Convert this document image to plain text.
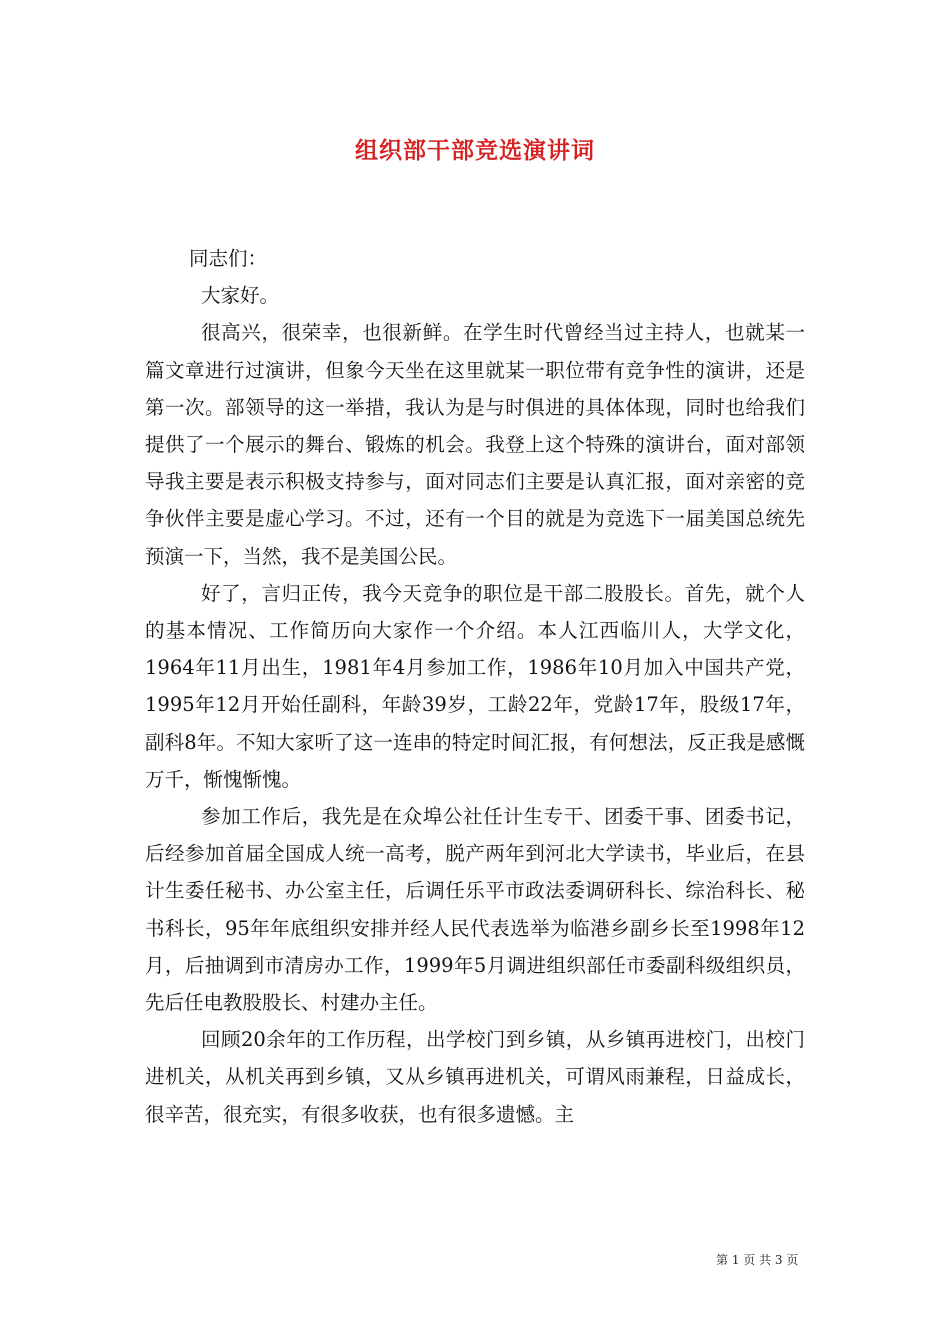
组织部干部竞选演讲词

同志们：

大家好。

很高兴，很荣幸，也很新鲜。在学生时代曾经当过主持人，也就某一篇文章进行过演讲，但象今天坐在这里就某一职位带有竞争性的演讲，还是第一次。部领导的这一举措，我认为是与时俱进的具体体现，同时也给我们提供了一个展示的舞台、锻炼的机会。我登上这个特殊的演讲台，面对部领导我主要是表示积极支持参与，面对同志们主要是认真汇报，面对亲密的竞争伙伴主要是虚心学习。不过，还有一个目的就是为竞选下一届美国总统先预演一下，当然，我不是美国公民。

好了，言归正传，我今天竞争的职位是干部二股股长。首先，就个人的基本情况、工作简历向大家作一个介绍。本人江西临川人，大学文化，1964年11月出生，1981年4月参加工作，1986年10月加入中国共产党，1995年12月开始任副科，年龄39岁，工龄22年，党龄17年，股级17年，副科8年。不知大家听了这一连串的特定时间汇报，有何想法，反正我是感慨万千，惭愧惭愧。

参加工作后，我先是在众埠公社任计生专干、团委干事、团委书记，后经参加首届全国成人统一高考，脱产两年到河北大学读书，毕业后，在县计生委任秘书、办公室主任，后调任乐平市政法委调研科长、综治科长、秘书科长，95年年底组织安排并经人民代表选举为临港乡副乡长至1998年12月，后抽调到市清房办工作，1999年5月调进组织部任市委副科级组织员，先后任电教股股长、村建办主任。

回顾20余年的工作历程，出学校门到乡镇，从乡镇再进校门，出校门进机关，从机关再到乡镇，又从乡镇再进机关，可谓风雨兼程，日益成长，很辛苦，很充实，有很多收获，也有很多遗憾。主

第 1 页 共 3 页
